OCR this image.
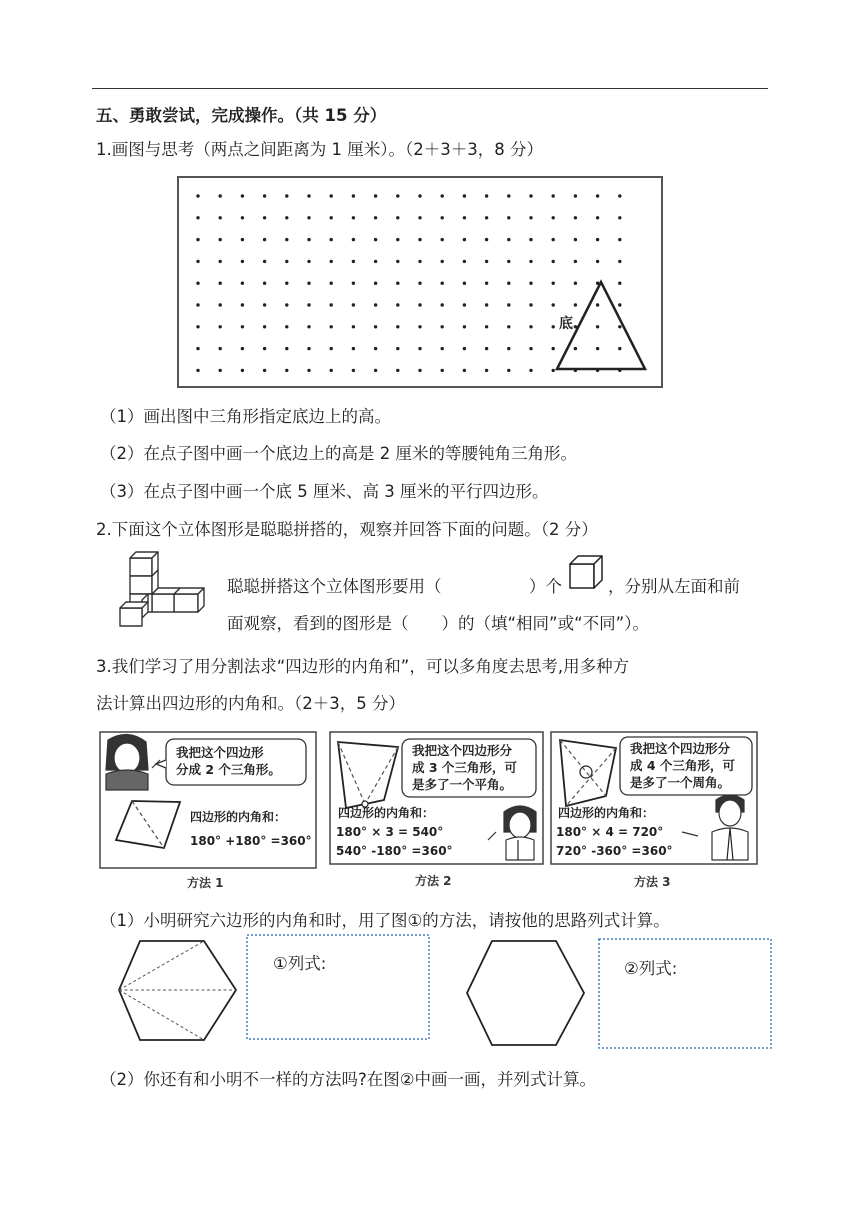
五、勇敢尝试，完成操作。（共 15 分）
1.画图与思考（两点之间距离为 1 厘米）。（2＋3＋3，8 分）
底
（1）画出图中三角形指定底边上的高。
（2）在点子图中画一个底边上的高是 2 厘米的等腰钝角三角形。
（3）在点子图中画一个底 5 厘米、高 3 厘米的平行四边形。
2.下面这个立体图形是聪聪拼搭的，观察并回答下面的问题。（2 分）
聪聪拼搭这个立体图形要用（	）个	，分别从左面和前
面观察，看到的图形是（　　）的（填“相同”或“不同”）。
3.我们学习了用分割法求“四边形的内角和”，可以多角度去思考,用多种方
法计算出四边形的内角和。（2＋3，5 分）
我把这个四边形
分成 2 个三角形。
四边形的内角和：
180° +180° =360°
方法 1
我把这个四边形分
成 3 个三角形，可
是多了一个平角。
四边形的内角和：
180° × 3 = 540°
540° -180° =360°
方法 2
我把这个四边形分
成 4 个三角形，可
是多了一个周角。
四边形的内角和：
180° × 4 = 720°
720° -360° =360°
方法 3
（1）小明研究六边形的内角和时，用了图①的方法，请按他的思路列式计算。
①列式:	②列式:
（2）你还有和小明不一样的方法吗?在图②中画一画，并列式计算。
